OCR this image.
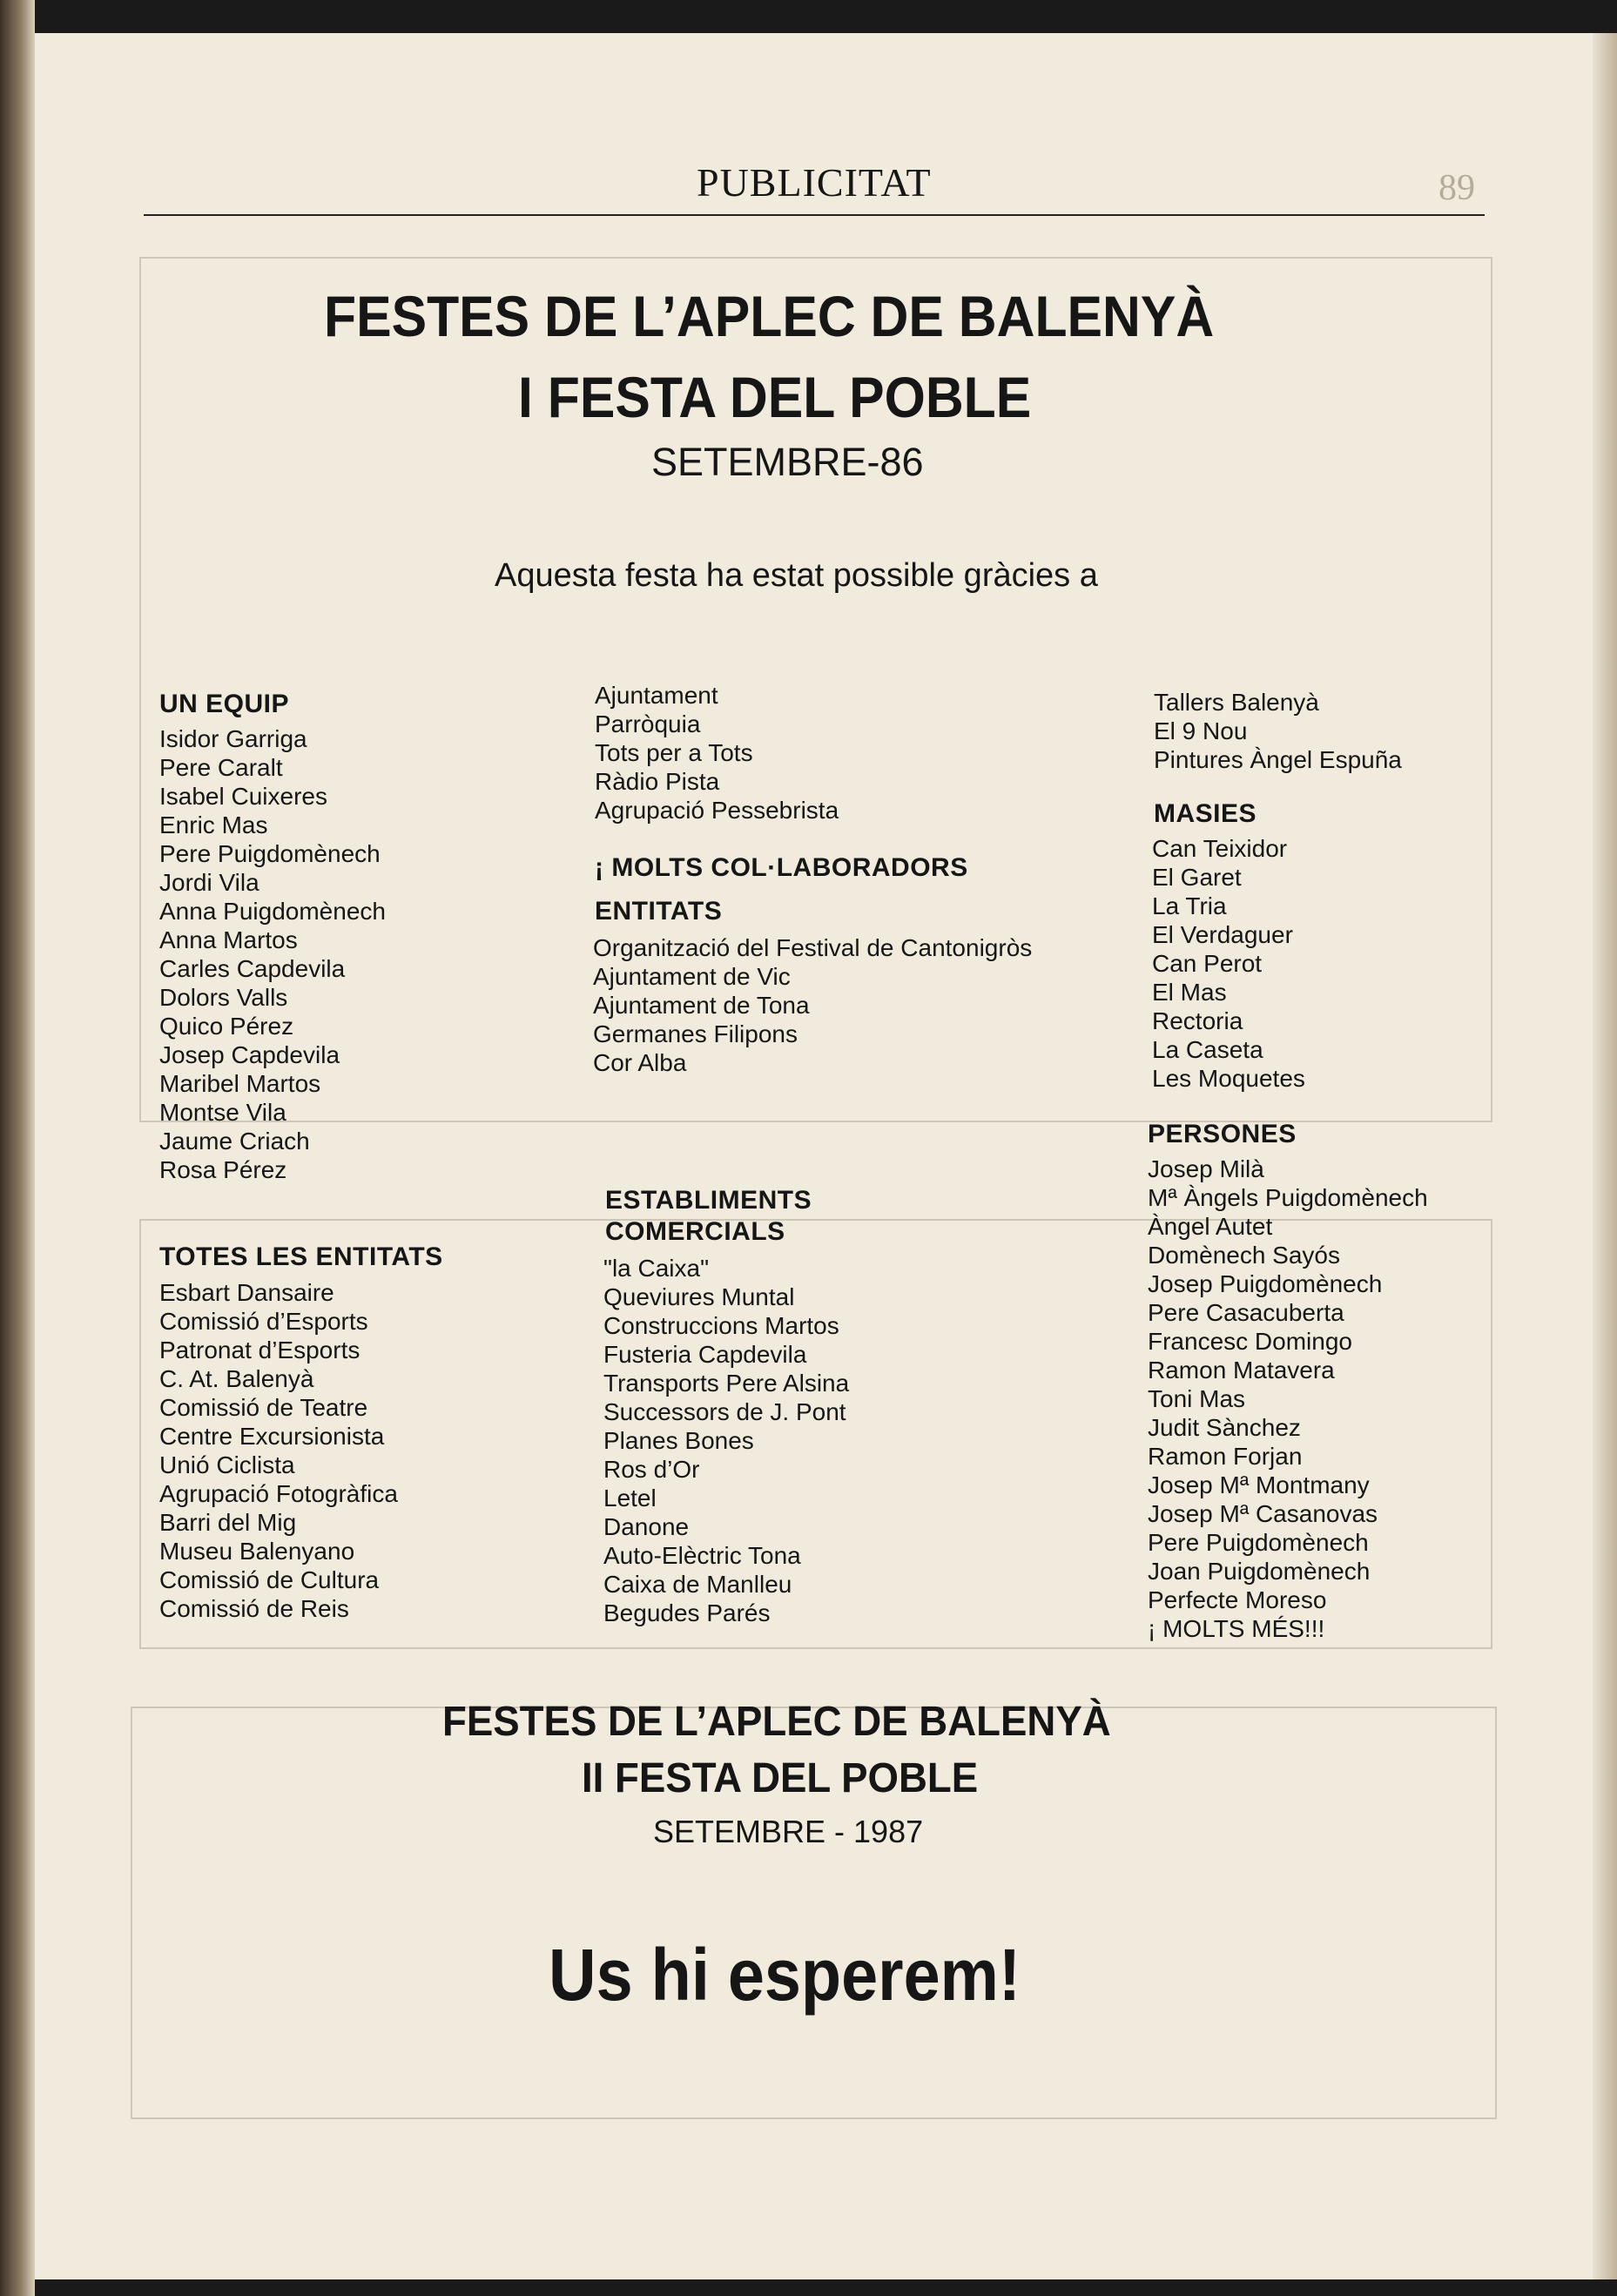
PUBLICITAT	89
FESTES DE L’APLEC DE BALENYÀ
I FESTA DEL POBLE
SETEMBRE-86
Aquesta festa ha estat possible gràcies a
UN EQUIP
Isidor Garriga
Pere Caralt
Isabel Cuixeres
Enric Mas
Pere Puigdomènech
Jordi Vila
Anna Puigdomènech
Anna Martos
Carles Capdevila
Dolors Valls
Quico Pérez
Josep Capdevila
Maribel Martos
Montse Vila
Jaume Criach
Rosa Pérez
TOTES LES ENTITATS
Esbart Dansaire
Comissió d’Esports
Patronat d’Esports
C. At. Balenyà
Comissió de Teatre
Centre Excursionista
Unió Ciclista
Agrupació Fotogràfica
Barri del Mig
Museu Balenyano
Comissió de Cultura
Comissió de Reis
Ajuntament
Parròquia
Tots per a Tots
Ràdio Pista
Agrupació Pessebrista
¡ MOLTS COL·LABORADORS
ENTITATS
Organització del Festival de Cantonigròs
Ajuntament de Vic
Ajuntament de Tona
Germanes Filipons
Cor Alba
ESTABLIMENTS
COMERCIALS
"la Caixa"
Queviures Muntal
Construccions Martos
Fusteria Capdevila
Transports Pere Alsina
Successors de J. Pont
Planes Bones
Ros d’Or
Letel
Danone
Auto-Elèctric Tona
Caixa de Manlleu
Begudes Parés
Tallers Balenyà
El 9 Nou
Pintures Àngel Espuña
MASIES
Can Teixidor
El Garet
La Tria
El Verdaguer
Can Perot
El Mas
Rectoria
La Caseta
Les Moquetes
PERSONES
Josep Milà
Mª Àngels Puigdomènech
Àngel Autet
Domènech Sayós
Josep Puigdomènech
Pere Casacuberta
Francesc Domingo
Ramon Matavera
Toni Mas
Judit Sànchez
Ramon Forjan
Josep Mª Montmany
Josep Mª Casanovas
Pere Puigdomènech
Joan Puigdomènech
Perfecte Moreso
¡ MOLTS MÉS!!!
FESTES DE L’APLEC DE BALENYÀ
II FESTA DEL POBLE
SETEMBRE - 1987
Us hi esperem!
